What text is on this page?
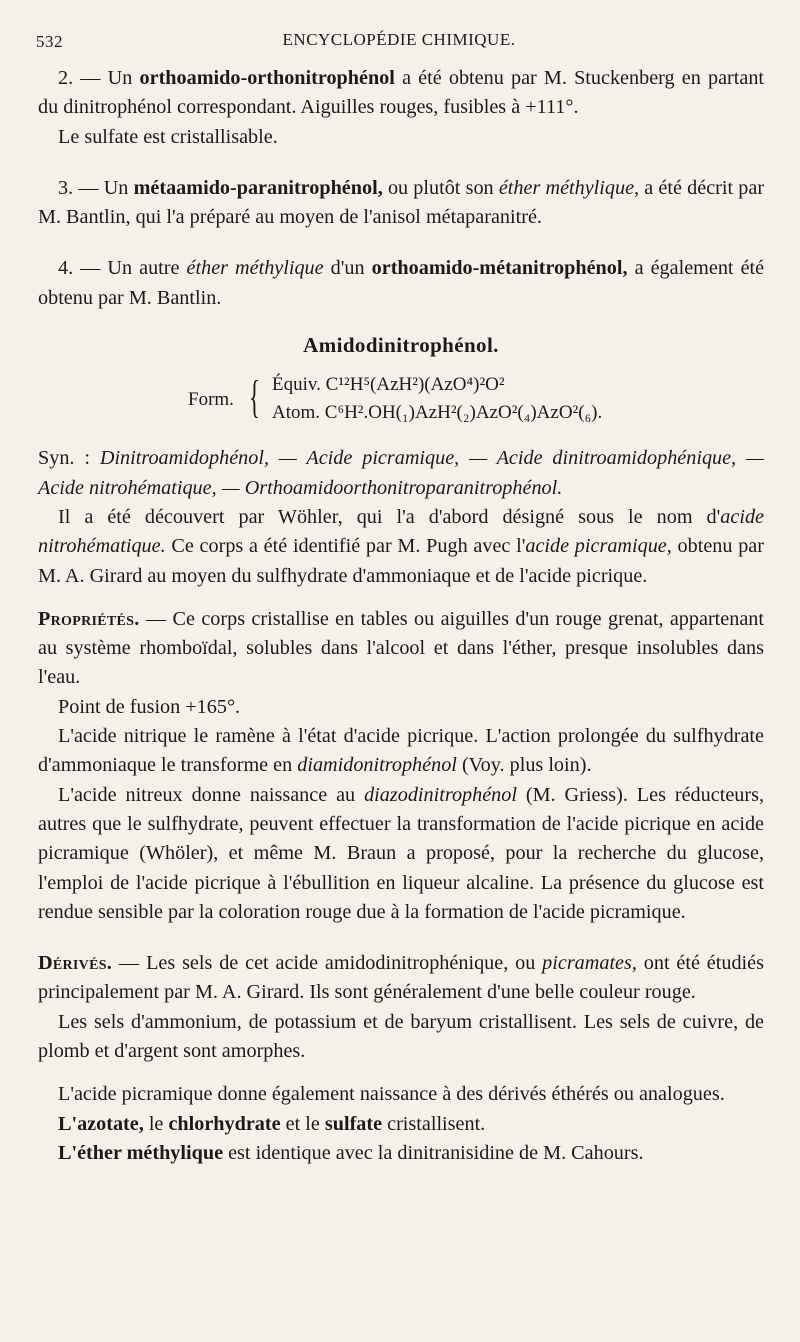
532	ENCYCLOPÉDIE CHIMIQUE.

2. — Un orthoamido-orthonitrophénol a été obtenu par M. Stuckenberg en partant du dinitrophénol correspondant. Aiguilles rouges, fusibles à +111°.

Le sulfate est cristallisable.

3. — Un métaamido-paranitrophénol, ou plutôt son éther méthylique, a été décrit par M. Bantlin, qui l'a préparé au moyen de l'anisol métaparanitré.

4. — Un autre éther méthylique d'un orthoamido-métanitrophénol, a également été obtenu par M. Bantlin.

Amidodinitrophénol.
Form. { Équiv. C¹²H⁵(AzH²)(AzO⁴)²O²
Atom. C⁶H².OH(₁)AzH²(₂)AzO²(₄)AzO²(₆).

Syn. : Dinitroamidophénol, — Acide picramique, — Acide dinitroamidophénique, — Acide nitrohématique, — Orthoamidoorthonitroparanitrophénol.

Il a été découvert par Wöhler, qui l'a d'abord désigné sous le nom d'acide nitrohématique. Ce corps a été identifié par M. Pugh avec l'acide picramique, obtenu par M. A. Girard au moyen du sulfhydrate d'ammoniaque et de l'acide picrique.

Propriétés. — Ce corps cristallise en tables ou aiguilles d'un rouge grenat, appartenant au système rhomboïdal, solubles dans l'alcool et dans l'éther, presque insolubles dans l'eau.

Point de fusion +165°.

L'acide nitrique le ramène à l'état d'acide picrique. L'action prolongée du sulfhydrate d'ammoniaque le transforme en diamidonitrophénol (Voy. plus loin).

L'acide nitreux donne naissance au diazodinitrophénol (M. Griess). Les réducteurs, autres que le sulfhydrate, peuvent effectuer la transformation de l'acide picrique en acide picramique (Whöler), et même M. Braun a proposé, pour la recherche du glucose, l'emploi de l'acide picrique à l'ébullition en liqueur alcaline. La présence du glucose est rendue sensible par la coloration rouge due à la formation de l'acide picramique.

Dérivés. — Les sels de cet acide amidodinitrophénique, ou picramates, ont été étudiés principalement par M. A. Girard. Ils sont généralement d'une belle couleur rouge.

Les sels d'ammonium, de potassium et de baryum cristallisent. Les sels de cuivre, de plomb et d'argent sont amorphes.

L'acide picramique donne également naissance à des dérivés éthérés ou analogues.

L'azotate, le chlorhydrate et le sulfate cristallisent.

L'éther méthylique est identique avec la dinitranisidine de M. Cahours.
